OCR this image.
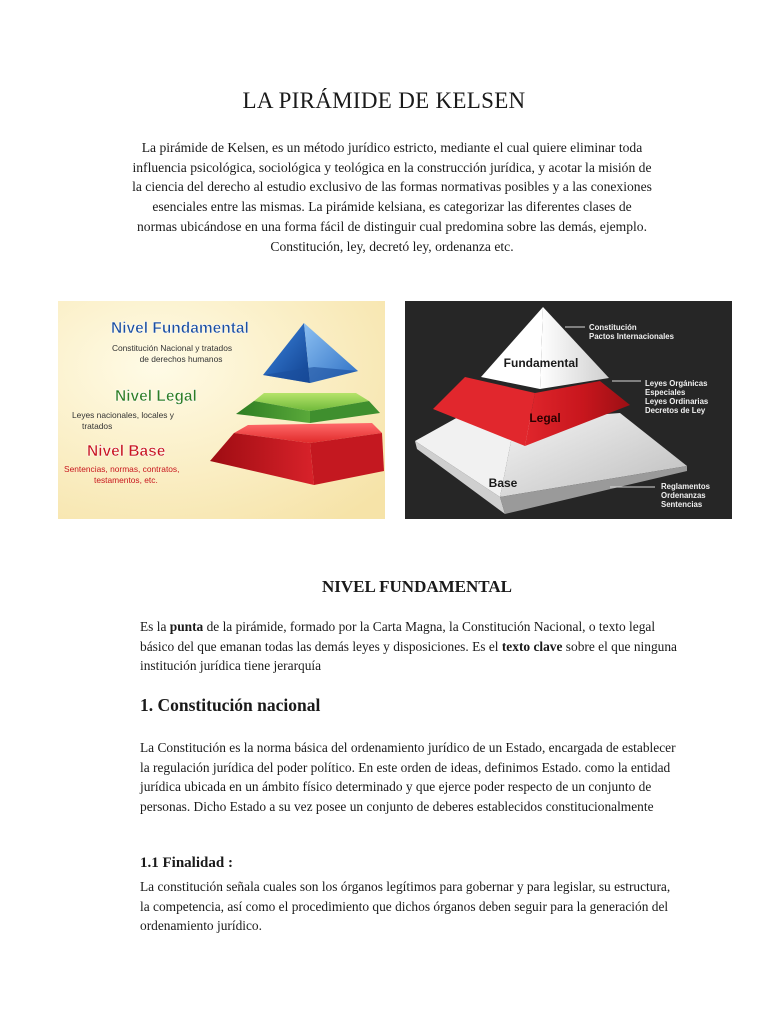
LA PIRÁMIDE DE KELSEN

La pirámide de Kelsen, es un método jurídico estricto, mediante el cual quiere eliminar toda influencia psicológica, sociológica y teológica en la construcción jurídica, y acotar la misión de la ciencia del derecho al estudio exclusivo de las formas normativas posibles y a las conexiones esenciales entre las mismas. La pirámide kelsiana, es categorizar las diferentes clases de normas ubicándose en una forma fácil de distinguir cual predomina sobre las demás, ejemplo. Constitución, ley, decretó ley, ordenanza etc.

Nivel Fundamental
Constitución Nacional y tratados
de derechos humanos
Nivel Legal
Leyes nacionales, locales y
tratados
Nivel Base
Sentencias, normas, contratos,
testamentos, etc.
Fundamental
Legal
Base
Constitución
Pactos Internacionales
Leyes Orgánicas
Especiales
Leyes Ordinarias
Decretos de Ley
Reglamentos
Ordenanzas
Sentencias
NIVEL FUNDAMENTAL

Es la punta de la pirámide, formado por la Carta Magna, la Constitución Nacional, o texto legal básico del que emanan todas las demás leyes y disposiciones. Es el texto clave sobre el que ninguna institución jurídica tiene jerarquía

1. Constitución nacional

La Constitución es la norma básica del ordenamiento jurídico de un Estado, encargada de establecer la regulación jurídica del poder político. En este orden de ideas, definimos Estado. como la entidad jurídica ubicada en un ámbito físico determinado y que ejerce poder respecto de un conjunto de personas. Dicho Estado a su vez posee un conjunto de deberes establecidos constitucionalmente

1.1 Finalidad :

La constitución señala cuales son los órganos legítimos para gobernar y para legislar, su estructura, la competencia, así como el procedimiento que dichos órganos deben seguir para la generación del ordenamiento jurídico.
